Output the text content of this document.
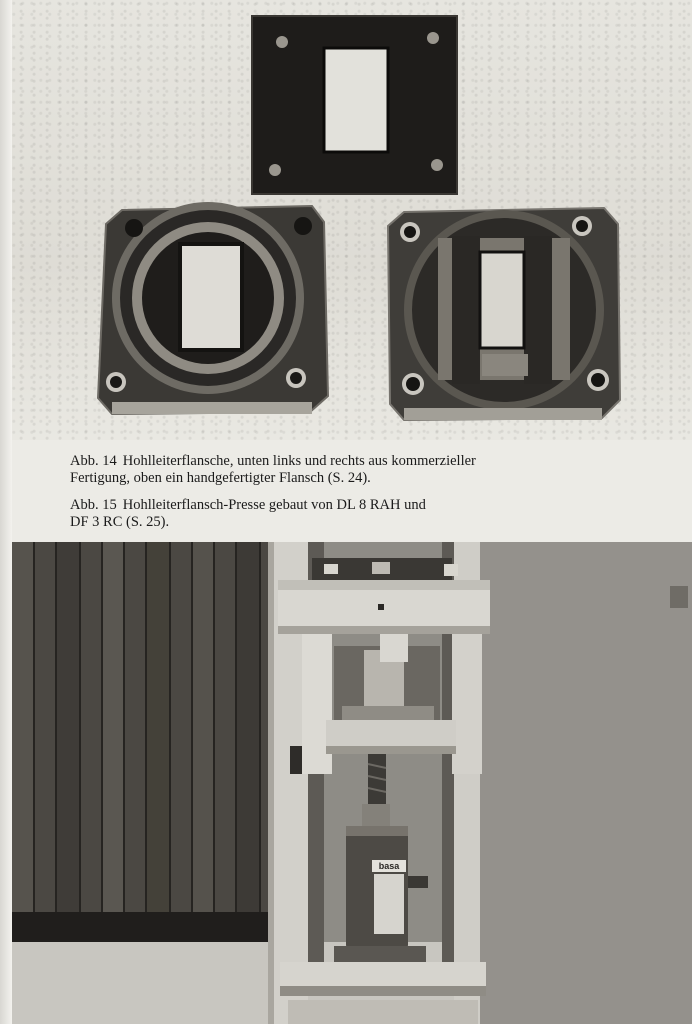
Abb. 14 Hohlleiterflansche, unten links und rechts aus kommerzieller

Fertigung, oben ein handgefertigter Flansch (S. 24).

Abb. 15 Hohlleiterflansch-Presse gebaut von DL 8 RAH und

DF 3 RC (S. 25).

basa
